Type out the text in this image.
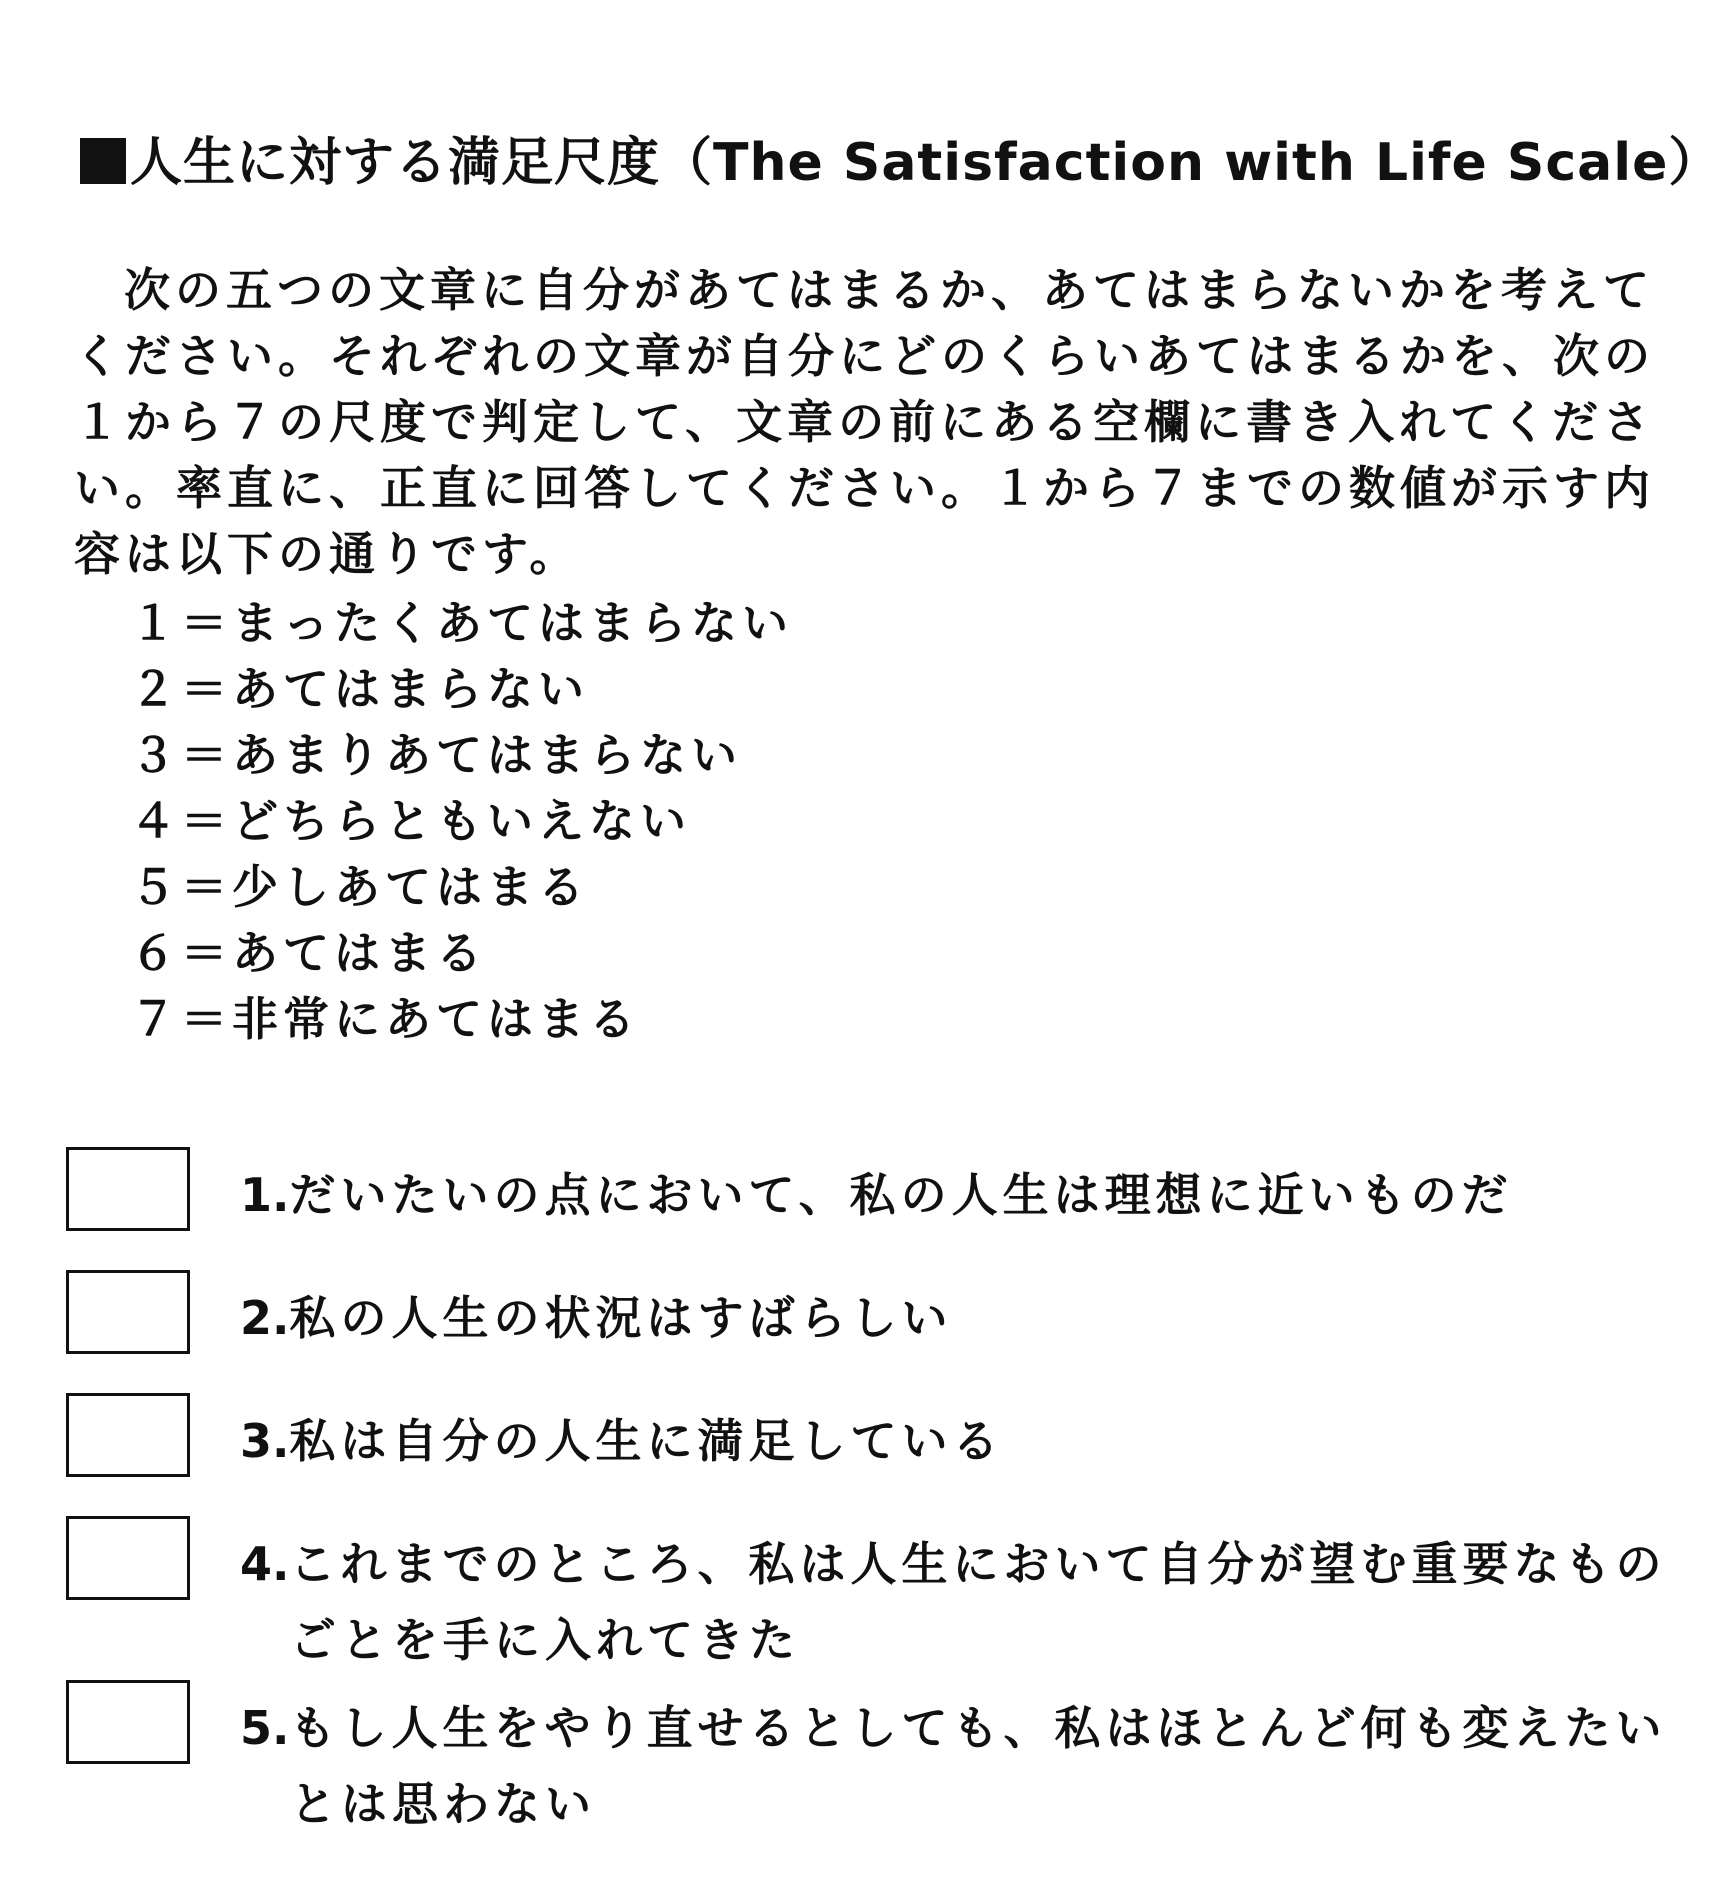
人生に対する満足尺度（The Satisfaction with Life Scale）

次の五つの文章に自分があてはまるか、あてはまらないかを考えてください。それぞれの文章が自分にどのくらいあてはまるかを、次の１から７の尺度で判定して、文章の前にある空欄に書き入れてください。率直に、正直に回答してください。１から７までの数値が示す内容は以下の通りです。

１＝まったくあてはまらない
２＝あてはまらない
３＝あまりあてはまらない
４＝どちらともいえない
５＝少しあてはまる
６＝あてはまる
７＝非常にあてはまる
1.だいたいの点において、私の人生は理想に近いものだ
2.私の人生の状況はすばらしい
3.私は自分の人生に満足している
4.これまでのところ、私は人生において自分が望む重要なもの
ごとを手に入れてきた
5.もし人生をやり直せるとしても、私はほとんど何も変えたい
とは思わない
